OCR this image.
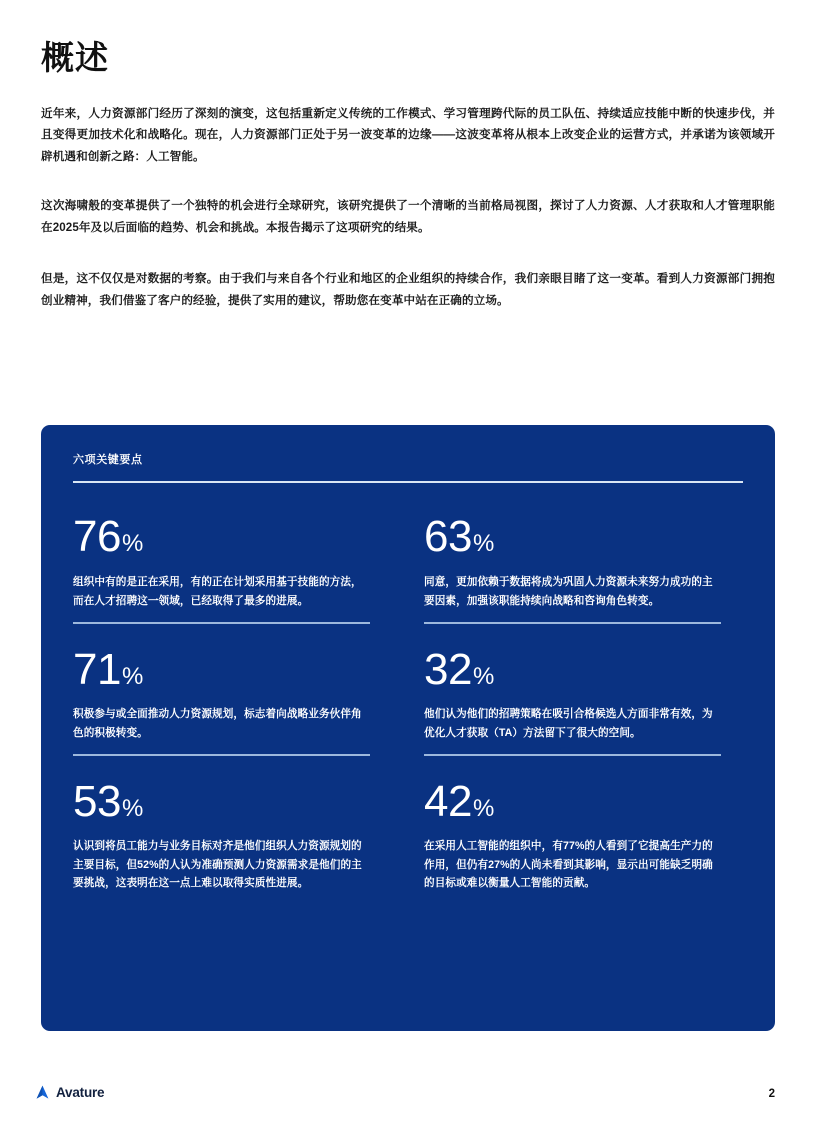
概述

近年来，人力资源部门经历了深刻的演变，这包括重新定义传统的工作模式、学习管理跨代际的员工队伍、持续适应技能中断的快速步伐，并且变得更加技术化和战略化。现在，人力资源部门正处于另一波变革的边缘——这波变革将从根本上改变企业的运营方式，并承诺为该领域开辟机遇和创新之路：人工智能。

这次海啸般的变革提供了一个独特的机会进行全球研究，该研究提供了一个清晰的当前格局视图，探讨了人力资源、人才获取和人才管理职能在2025年及以后面临的趋势、机会和挑战。本报告揭示了这项研究的结果。

但是，这不仅仅是对数据的考察。由于我们与来自各个行业和地区的企业组织的持续合作，我们亲眼目睹了这一变革。看到人力资源部门拥抱创业精神，我们借鉴了客户的经验，提供了实用的建议，帮助您在变革中站在正确的立场。

六项关键要点
76 %
组织中有的是正在采用，有的正在计划采用基于技能的方法，而在人才招聘这一领域，已经取得了最多的进展。
63 %
同意，更加依赖于数据将成为巩固人力资源未来努力成功的主要因素，加强该职能持续向战略和咨询角色转变。
71 %
积极参与或全面推动人力资源规划，标志着向战略业务伙伴角色的积极转变。
32 %
他们认为他们的招聘策略在吸引合格候选人方面非常有效，为优化人才获取（TA）方法留下了很大的空间。
53 %
认识到将员工能力与业务目标对齐是他们组织人力资源规划的主要目标，但52%的人认为准确预测人力资源需求是他们的主要挑战，这表明在这一点上难以取得实质性进展。
42 %
在采用人工智能的组织中，有77%的人看到了它提高生产力的作用，但仍有27%的人尚未看到其影响，显示出可能缺乏明确的目标或难以衡量人工智能的贡献。
Avature	2
